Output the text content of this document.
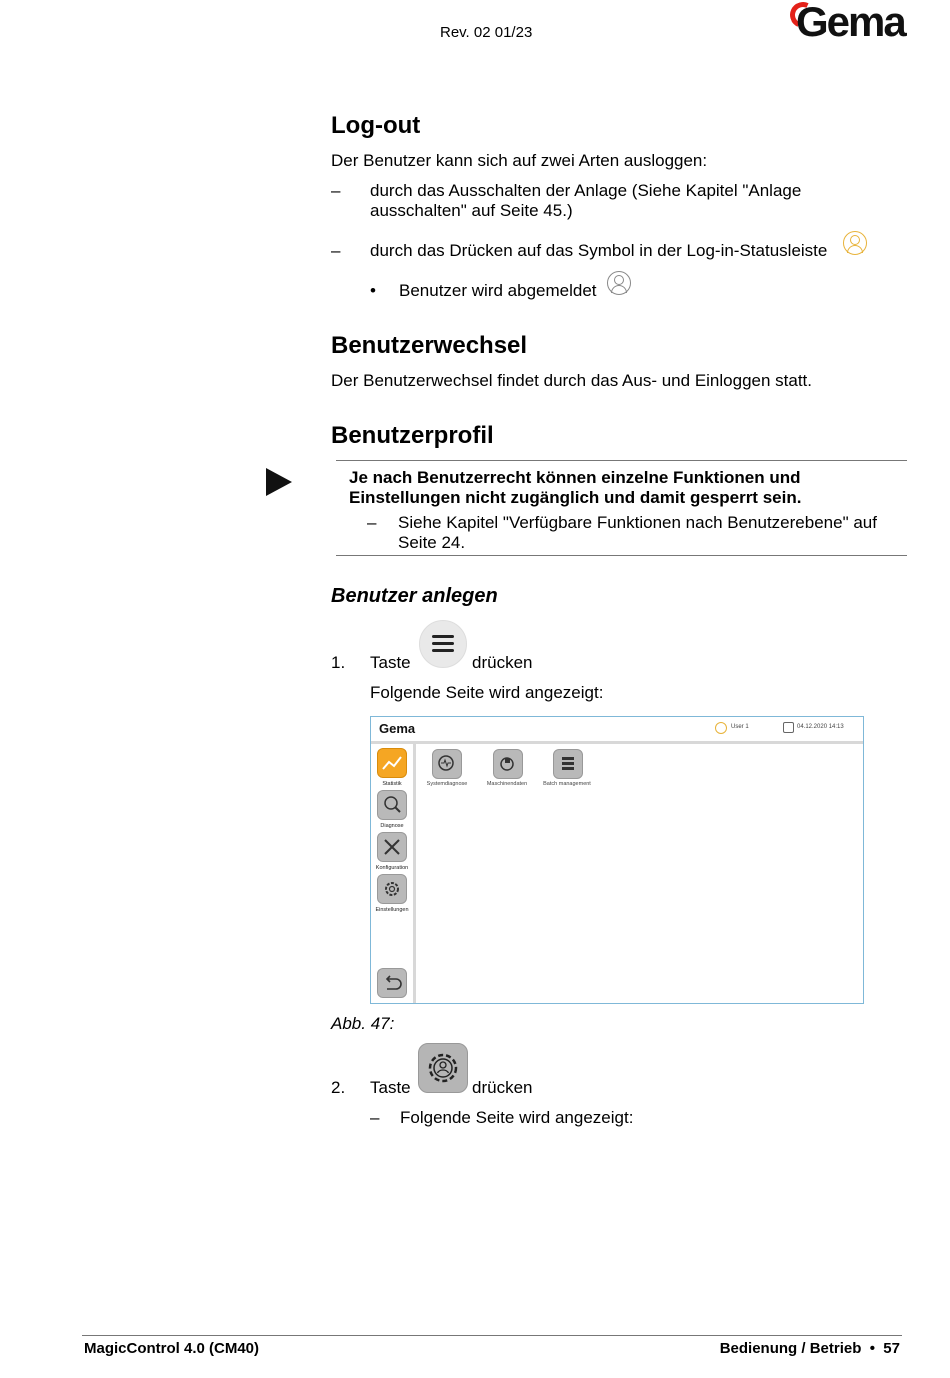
Rev. 02 01/23	Gema
Log-out
Der Benutzer kann sich auf zwei Arten ausloggen:
– durch das Ausschalten der Anlage (Siehe Kapitel "Anlage
ausschalten" auf Seite 45.)
– durch das Drücken auf das Symbol in der Log-in-Statusleiste
• Benutzer wird abgemeldet
Benutzerwechsel
Der Benutzerwechsel findet durch das Aus- und Einloggen statt.
Benutzerprofil
Je nach Benutzerrecht können einzelne Funktionen und
Einstellungen nicht zugänglich und damit gesperrt sein.
– Siehe Kapitel "Verfügbare Funktionen nach Benutzerebene" auf
Seite 24.
Benutzer anlegen
1. Taste	drücken
Folgende Seite wird angezeigt:
Gema	User 1	04.12.2020 14:13
Statistik
Diagnose
Konfiguration
Einstellungen
Systemdiagnose	Maschinendaten	Batch management
Abb. 47:
2. Taste	drücken
– Folgende Seite wird angezeigt:
MagicControl 4.0 (CM40)	Bedienung / Betrieb  •  57
